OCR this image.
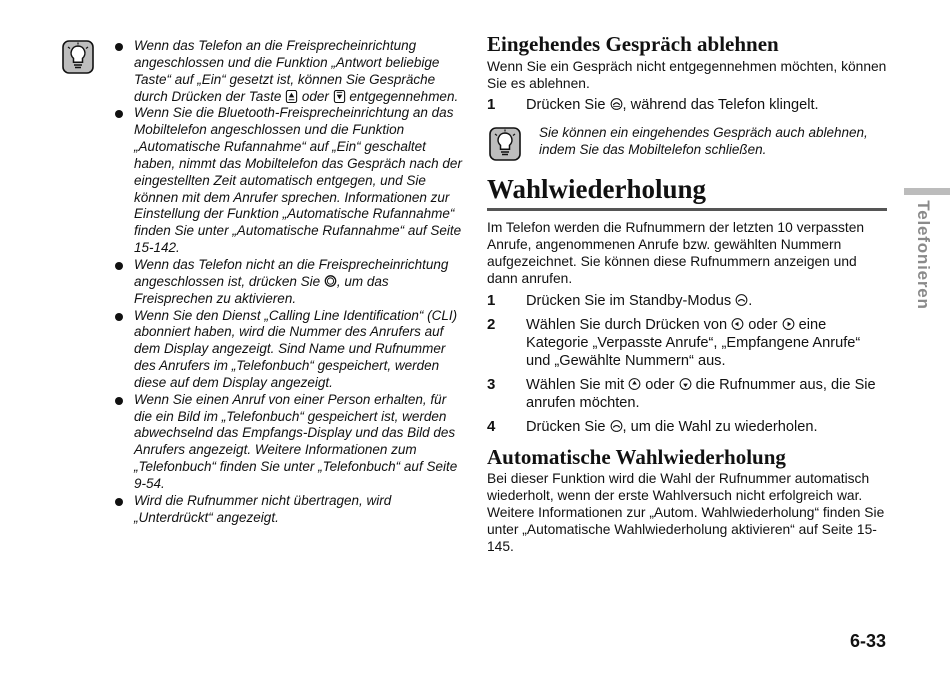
Wenn das Telefon an die Freisprecheinrichtung angeschlossen und die Funktion „Antwort beliebige Taste“ auf „Ein“ gesetzt ist, können Sie Gespräche durch Drücken der Taste  oder  entgegennehmen.
Wenn Sie die Bluetooth-Freisprecheinrichtung an das Mobiltelefon angeschlossen und die Funktion „Automatische Rufannahme“ auf „Ein“ geschaltet haben, nimmt das Mobiltelefon das Gespräch nach der eingestellten Zeit automatisch entgegen, und Sie können mit dem Anrufer sprechen. Informationen zur Einstellung der Funktion „Automatische Rufannahme“ finden Sie unter „Automatische Rufannahme“ auf Seite 15-142.
Wenn das Telefon nicht an die Freisprecheinrichtung angeschlossen ist, drücken Sie , um das Freisprechen zu aktivieren.
Wenn Sie den Dienst „Calling Line Identification“ (CLI) abonniert haben, wird die Nummer des Anrufers auf dem Display angezeigt. Sind Name und Rufnummer des Anrufers im „Telefonbuch“ gespeichert, werden diese auf dem Display angezeigt.
Wenn Sie einen Anruf von einer Person erhalten, für die ein Bild im „Telefonbuch“ gespeichert ist, werden abwechselnd das Empfangs-Display und das Bild des Anrufers angezeigt. Weitere Informationen zum „Telefonbuch“ finden Sie unter „Telefonbuch“ auf Seite 9-54.
Wird die Rufnummer nicht übertragen, wird „Unterdrückt“ angezeigt.
Eingehendes Gespräch ablehnen

Wenn Sie ein Gespräch nicht entgegennehmen möchten, können Sie es ablehnen.

1 Drücken Sie , während das Telefon klingelt.

Sie können ein eingehendes Gespräch auch ablehnen, indem Sie das Mobiltelefon schließen.

Wahlwiederholung

Im Telefon werden die Rufnummern der letzten 10 verpassten Anrufe, angenommenen Anrufe bzw. gewählten Nummern aufgezeichnet. Sie können diese Rufnummern anzeigen und dann anrufen.

1 Drücken Sie im Standby-Modus .
2 Wählen Sie durch Drücken von  oder  eine Kategorie „Verpasste Anrufe“, „Empfangene Anrufe“ und „Gewählte Nummern“ aus.
3 Wählen Sie mit  oder  die Rufnummer aus, die Sie anrufen möchten.
4 Drücken Sie , um die Wahl zu wiederholen.
Automatische Wahlwiederholung

Bei dieser Funktion wird die Wahl der Rufnummer automatisch wiederholt, wenn der erste Wahlversuch nicht erfolgreich war. Weitere Informationen zur „Autom. Wahlwiederholung“ finden Sie unter „Automatische Wahlwiederholung aktivieren“ auf Seite 15-145.

Telefonieren
6-33
